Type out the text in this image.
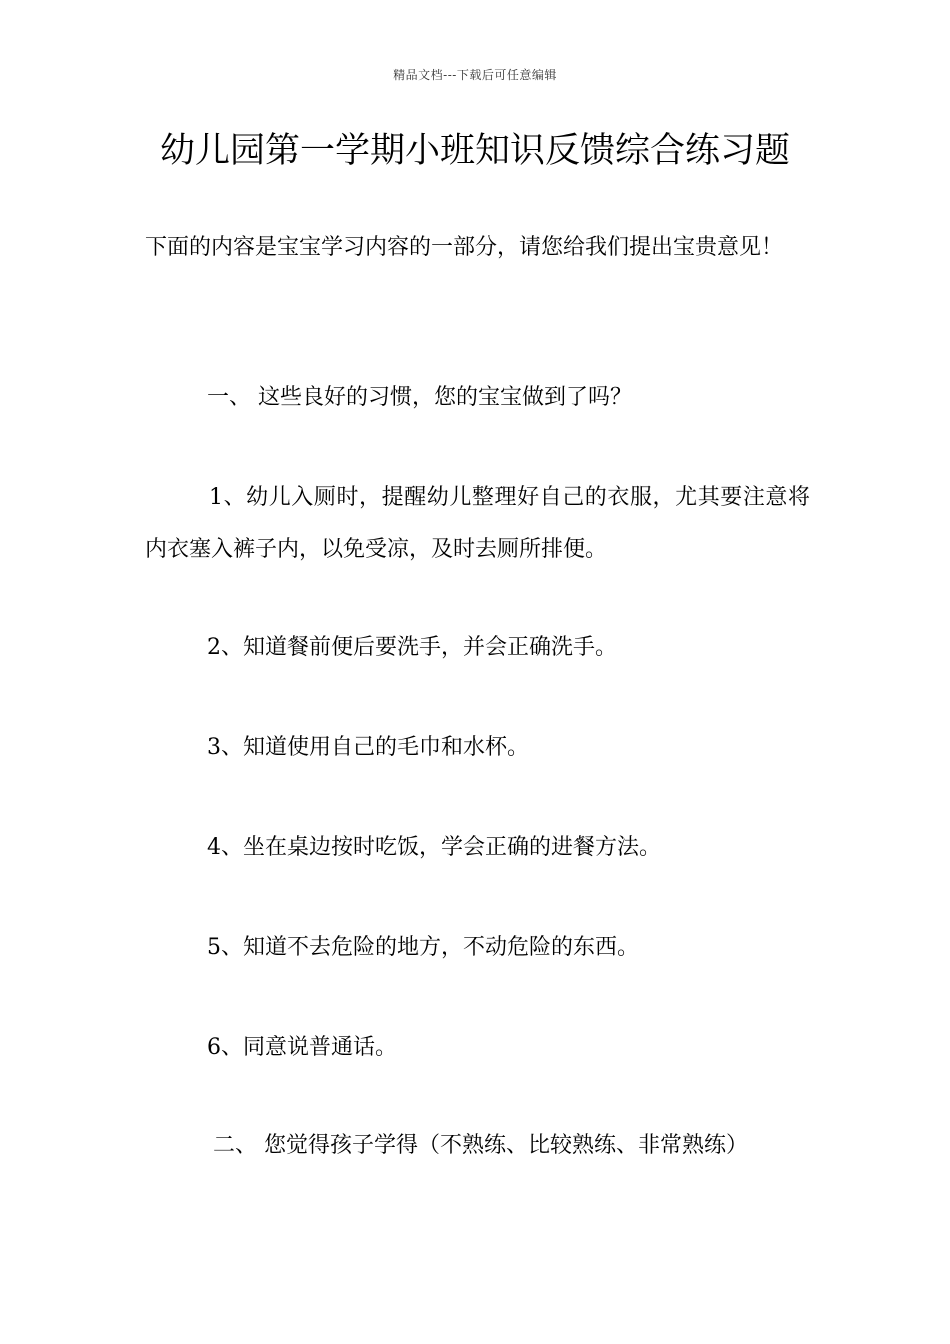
精品文档---下载后可任意编辑
幼儿园第一学期小班知识反馈综合练习题

下面的内容是宝宝学习内容的一部分，请您给我们提出宝贵意见！

一、 这些良好的习惯，您的宝宝做到了吗？

1、幼儿入厕时，提醒幼儿整理好自己的衣服，尤其要注意将内衣塞入裤子内，以免受凉，及时去厕所排便。

2、知道餐前便后要洗手，并会正确洗手。

3、知道使用自己的毛巾和水杯。

4、坐在桌边按时吃饭，学会正确的进餐方法。

5、知道不去危险的地方，不动危险的东西。

6、同意说普通话。

二、 您觉得孩子学得（不熟练、比较熟练、非常熟练）
